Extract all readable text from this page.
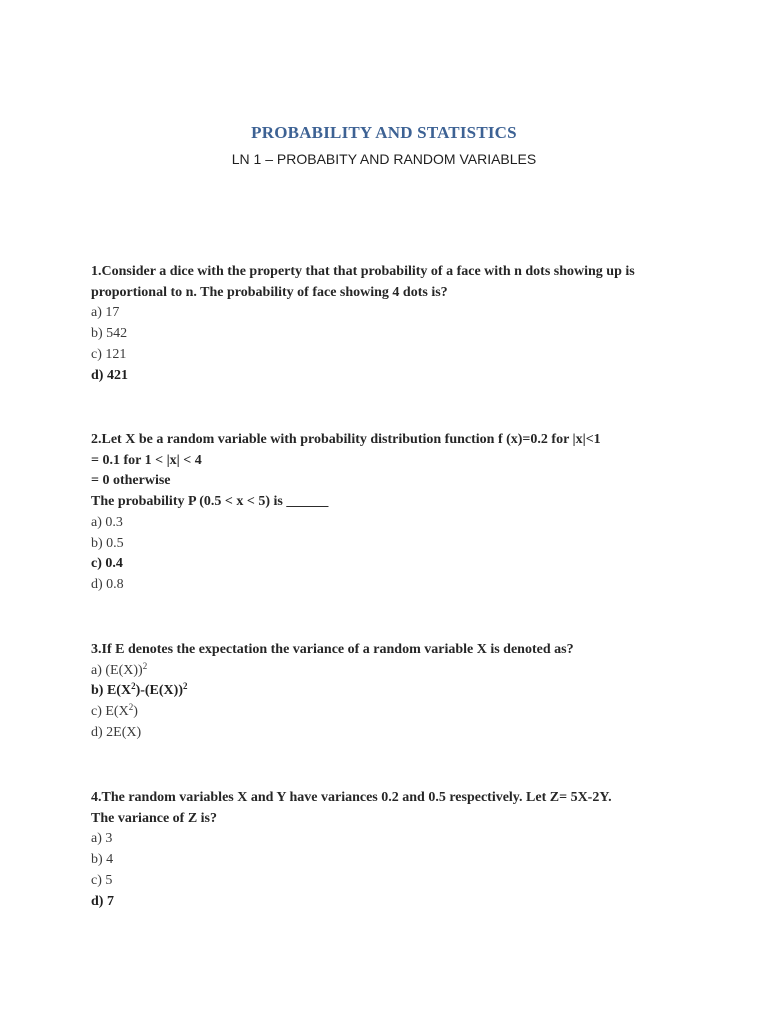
PROBABILITY AND STATISTICS
LN 1 – PROBABITY AND RANDOM VARIABLES
1.Consider a dice with the property that that probability of a face with n dots showing up is
proportional to n. The probability of face showing 4 dots is?
a) 17
b) 542
c) 121
d) 421
2.Let X be a random variable with probability distribution function f (x)=0.2 for |x|<1
= 0.1 for 1 < |x| < 4
= 0 otherwise
The probability P (0.5 < x < 5) is ______
a) 0.3
b) 0.5
c) 0.4
d) 0.8
3.If E denotes the expectation the variance of a random variable X is denoted as?
a) $(E(X))^2$
b) $E(X^2)-(E(X))^2$
c) $E(X^2)$
d) 2E(X)
4.The random variables X and Y have variances 0.2 and 0.5 respectively. Let Z= 5X-2Y.
The variance of Z is?
a) 3
b) 4
c) 5
d) 7
